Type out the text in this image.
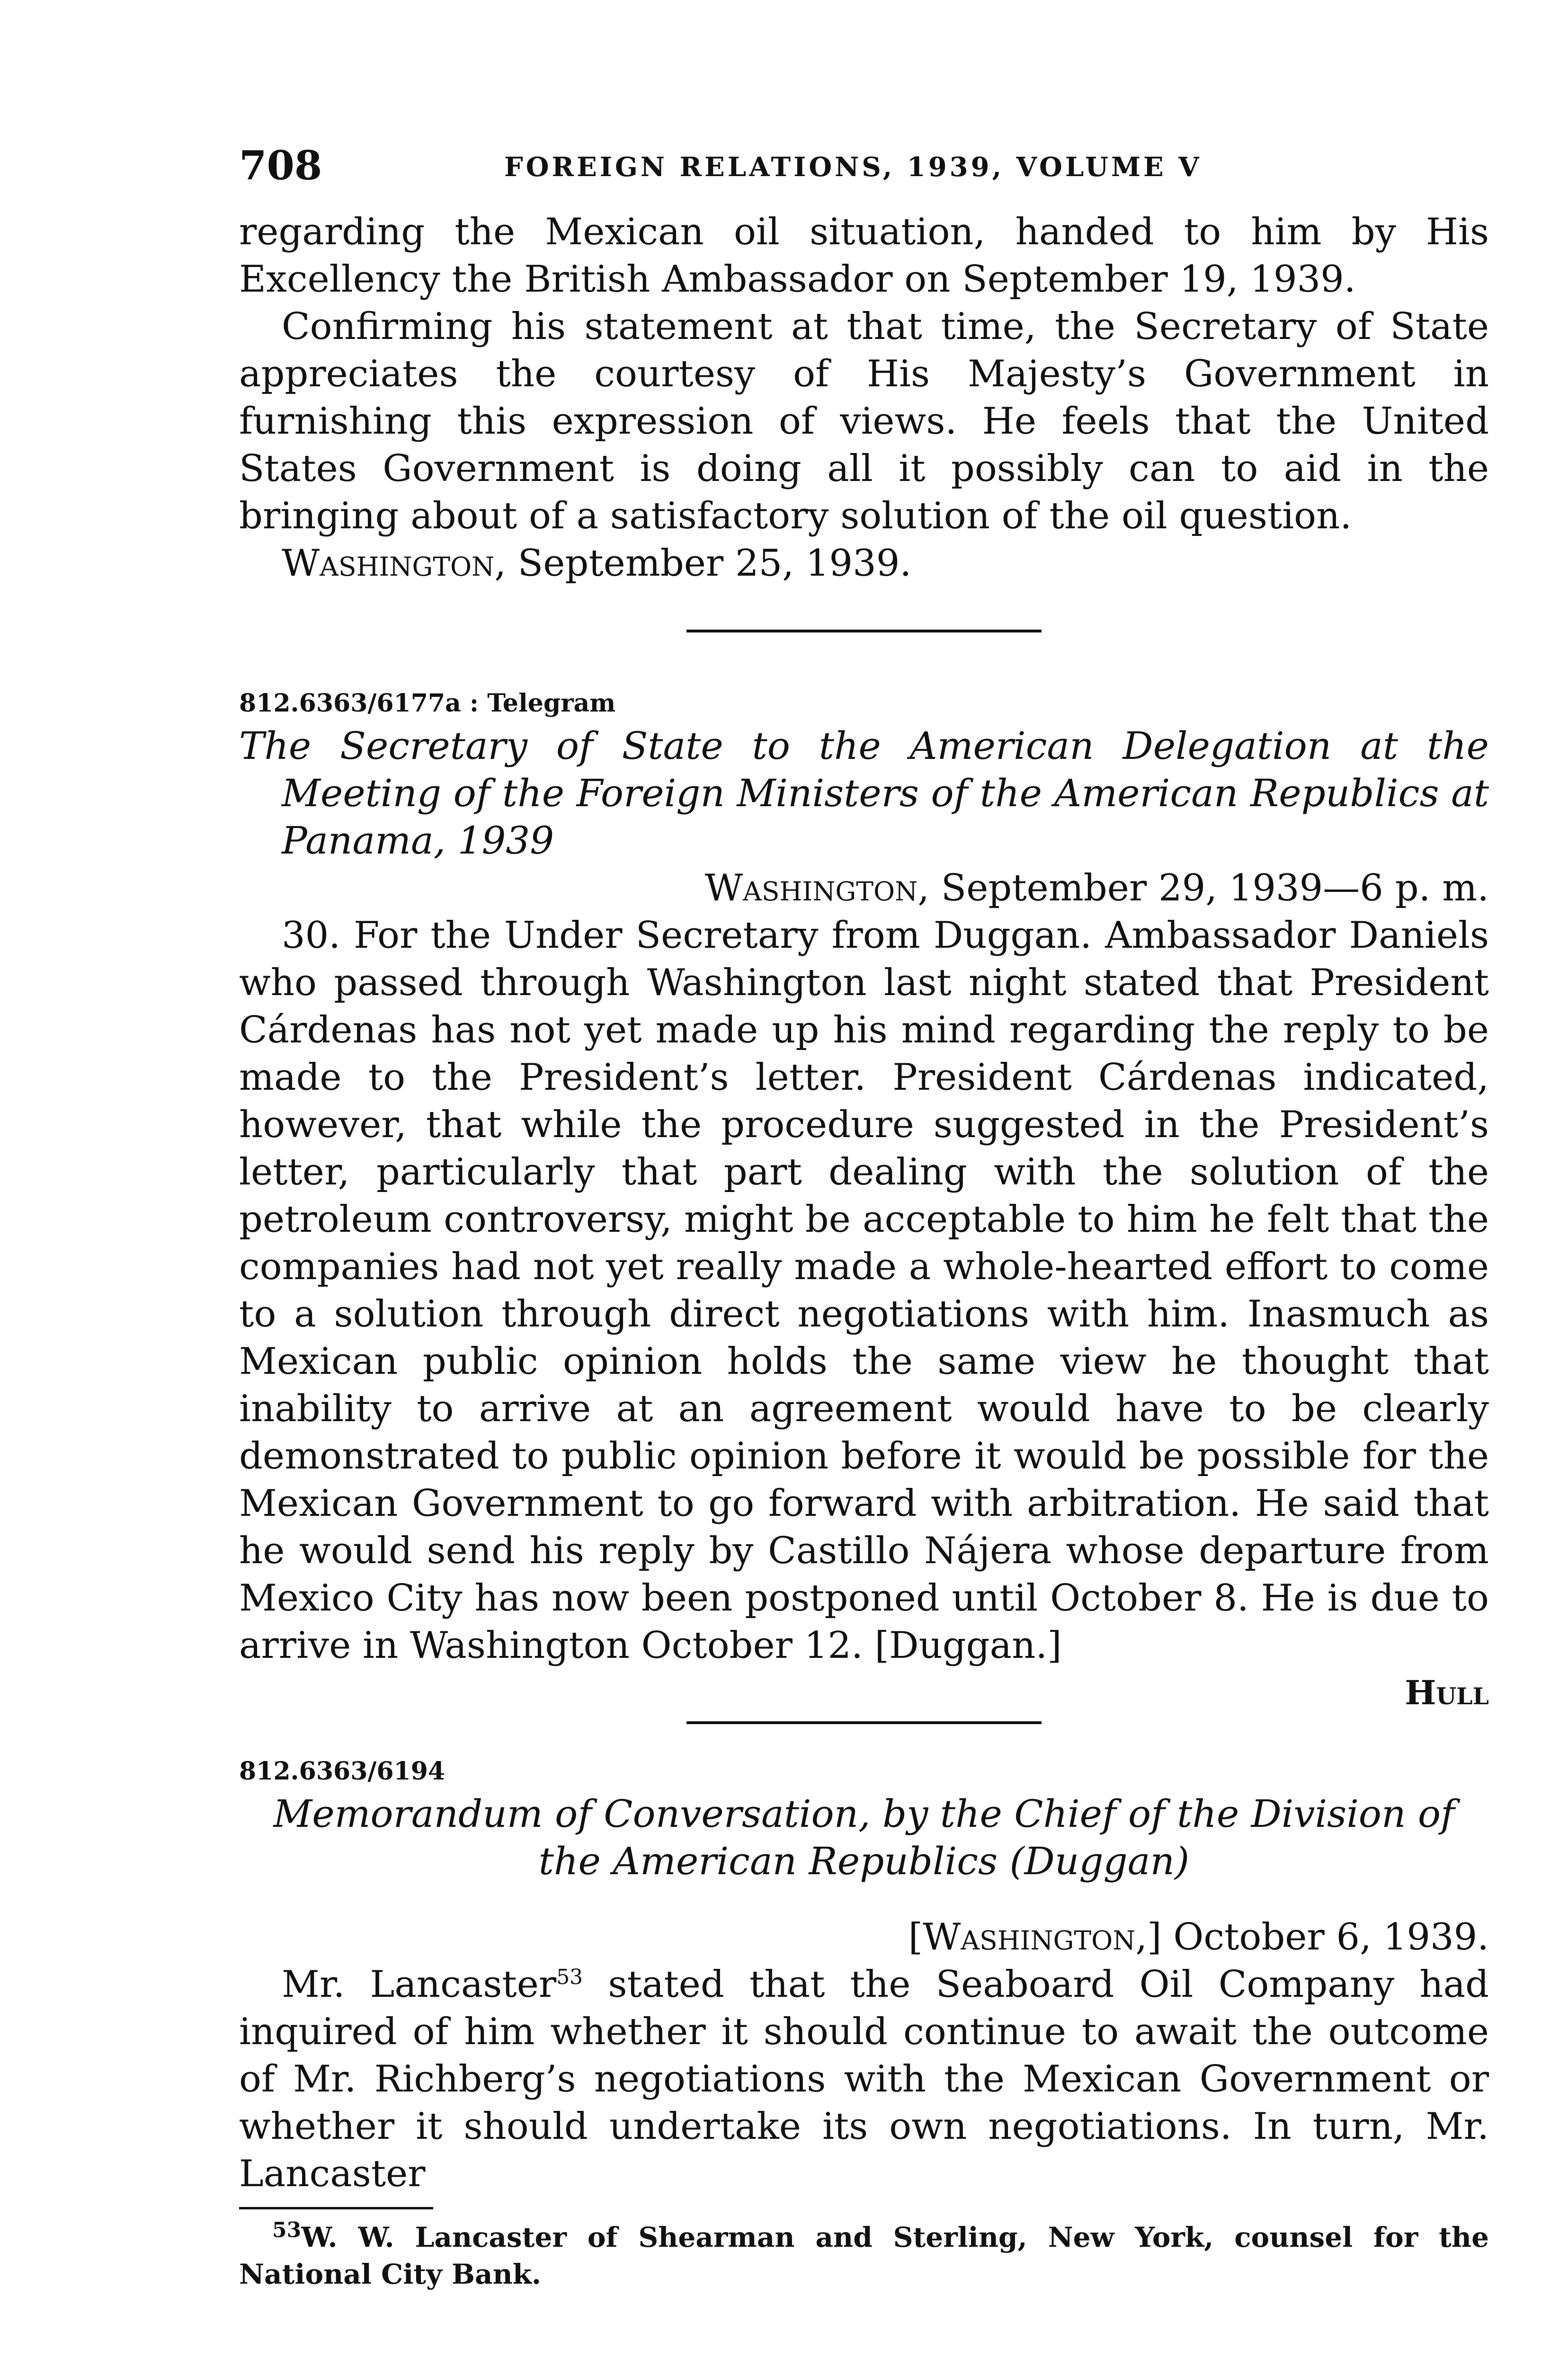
708	FOREIGN RELATIONS, 1939, VOLUME V

regarding the Mexican oil situation, handed to him by His Excellency the British Ambassador on September 19, 1939.

Confirming his statement at that time, the Secretary of State appreciates the courtesy of His Majesty’s Government in furnishing this expression of views. He feels that the United States Government is doing all it possibly can to aid in the bringing about of a satisfactory solution of the oil question.

Washington, September 25, 1939.

812.6363/6177a : Telegram

The Secretary of State to the American Delegation at the Meeting of the Foreign Ministers of the American Republics at Panama, 1939

Washington, September 29, 1939—6 p. m.

30. For the Under Secretary from Duggan. Ambassador Daniels who passed through Washington last night stated that President Cárdenas has not yet made up his mind regarding the reply to be made to the President’s letter. President Cárdenas indicated, however, that while the procedure suggested in the President’s letter, particularly that part dealing with the solution of the petroleum controversy, might be acceptable to him he felt that the companies had not yet really made a whole-hearted effort to come to a solution through direct negotiations with him. Inasmuch as Mexican public opinion holds the same view he thought that inability to arrive at an agreement would have to be clearly demonstrated to public opinion before it would be possible for the Mexican Government to go forward with arbitration. He said that he would send his reply by Castillo Nájera whose departure from Mexico City has now been postponed until October 8. He is due to arrive in Washington October 12. [Duggan.]

Hull

812.6363/6194

Memorandum of Conversation, by the Chief of the Division of the American Republics (Duggan)

[Washington,] October 6, 1939.

Mr. Lancaster$^{53}$ stated that the Seaboard Oil Company had inquired of him whether it should continue to await the outcome of Mr. Richberg’s negotiations with the Mexican Government or whether it should undertake its own negotiations. In turn, Mr. Lancaster

$^{53}$W. W. Lancaster of Shearman and Sterling, New York, counsel for the National City Bank.
